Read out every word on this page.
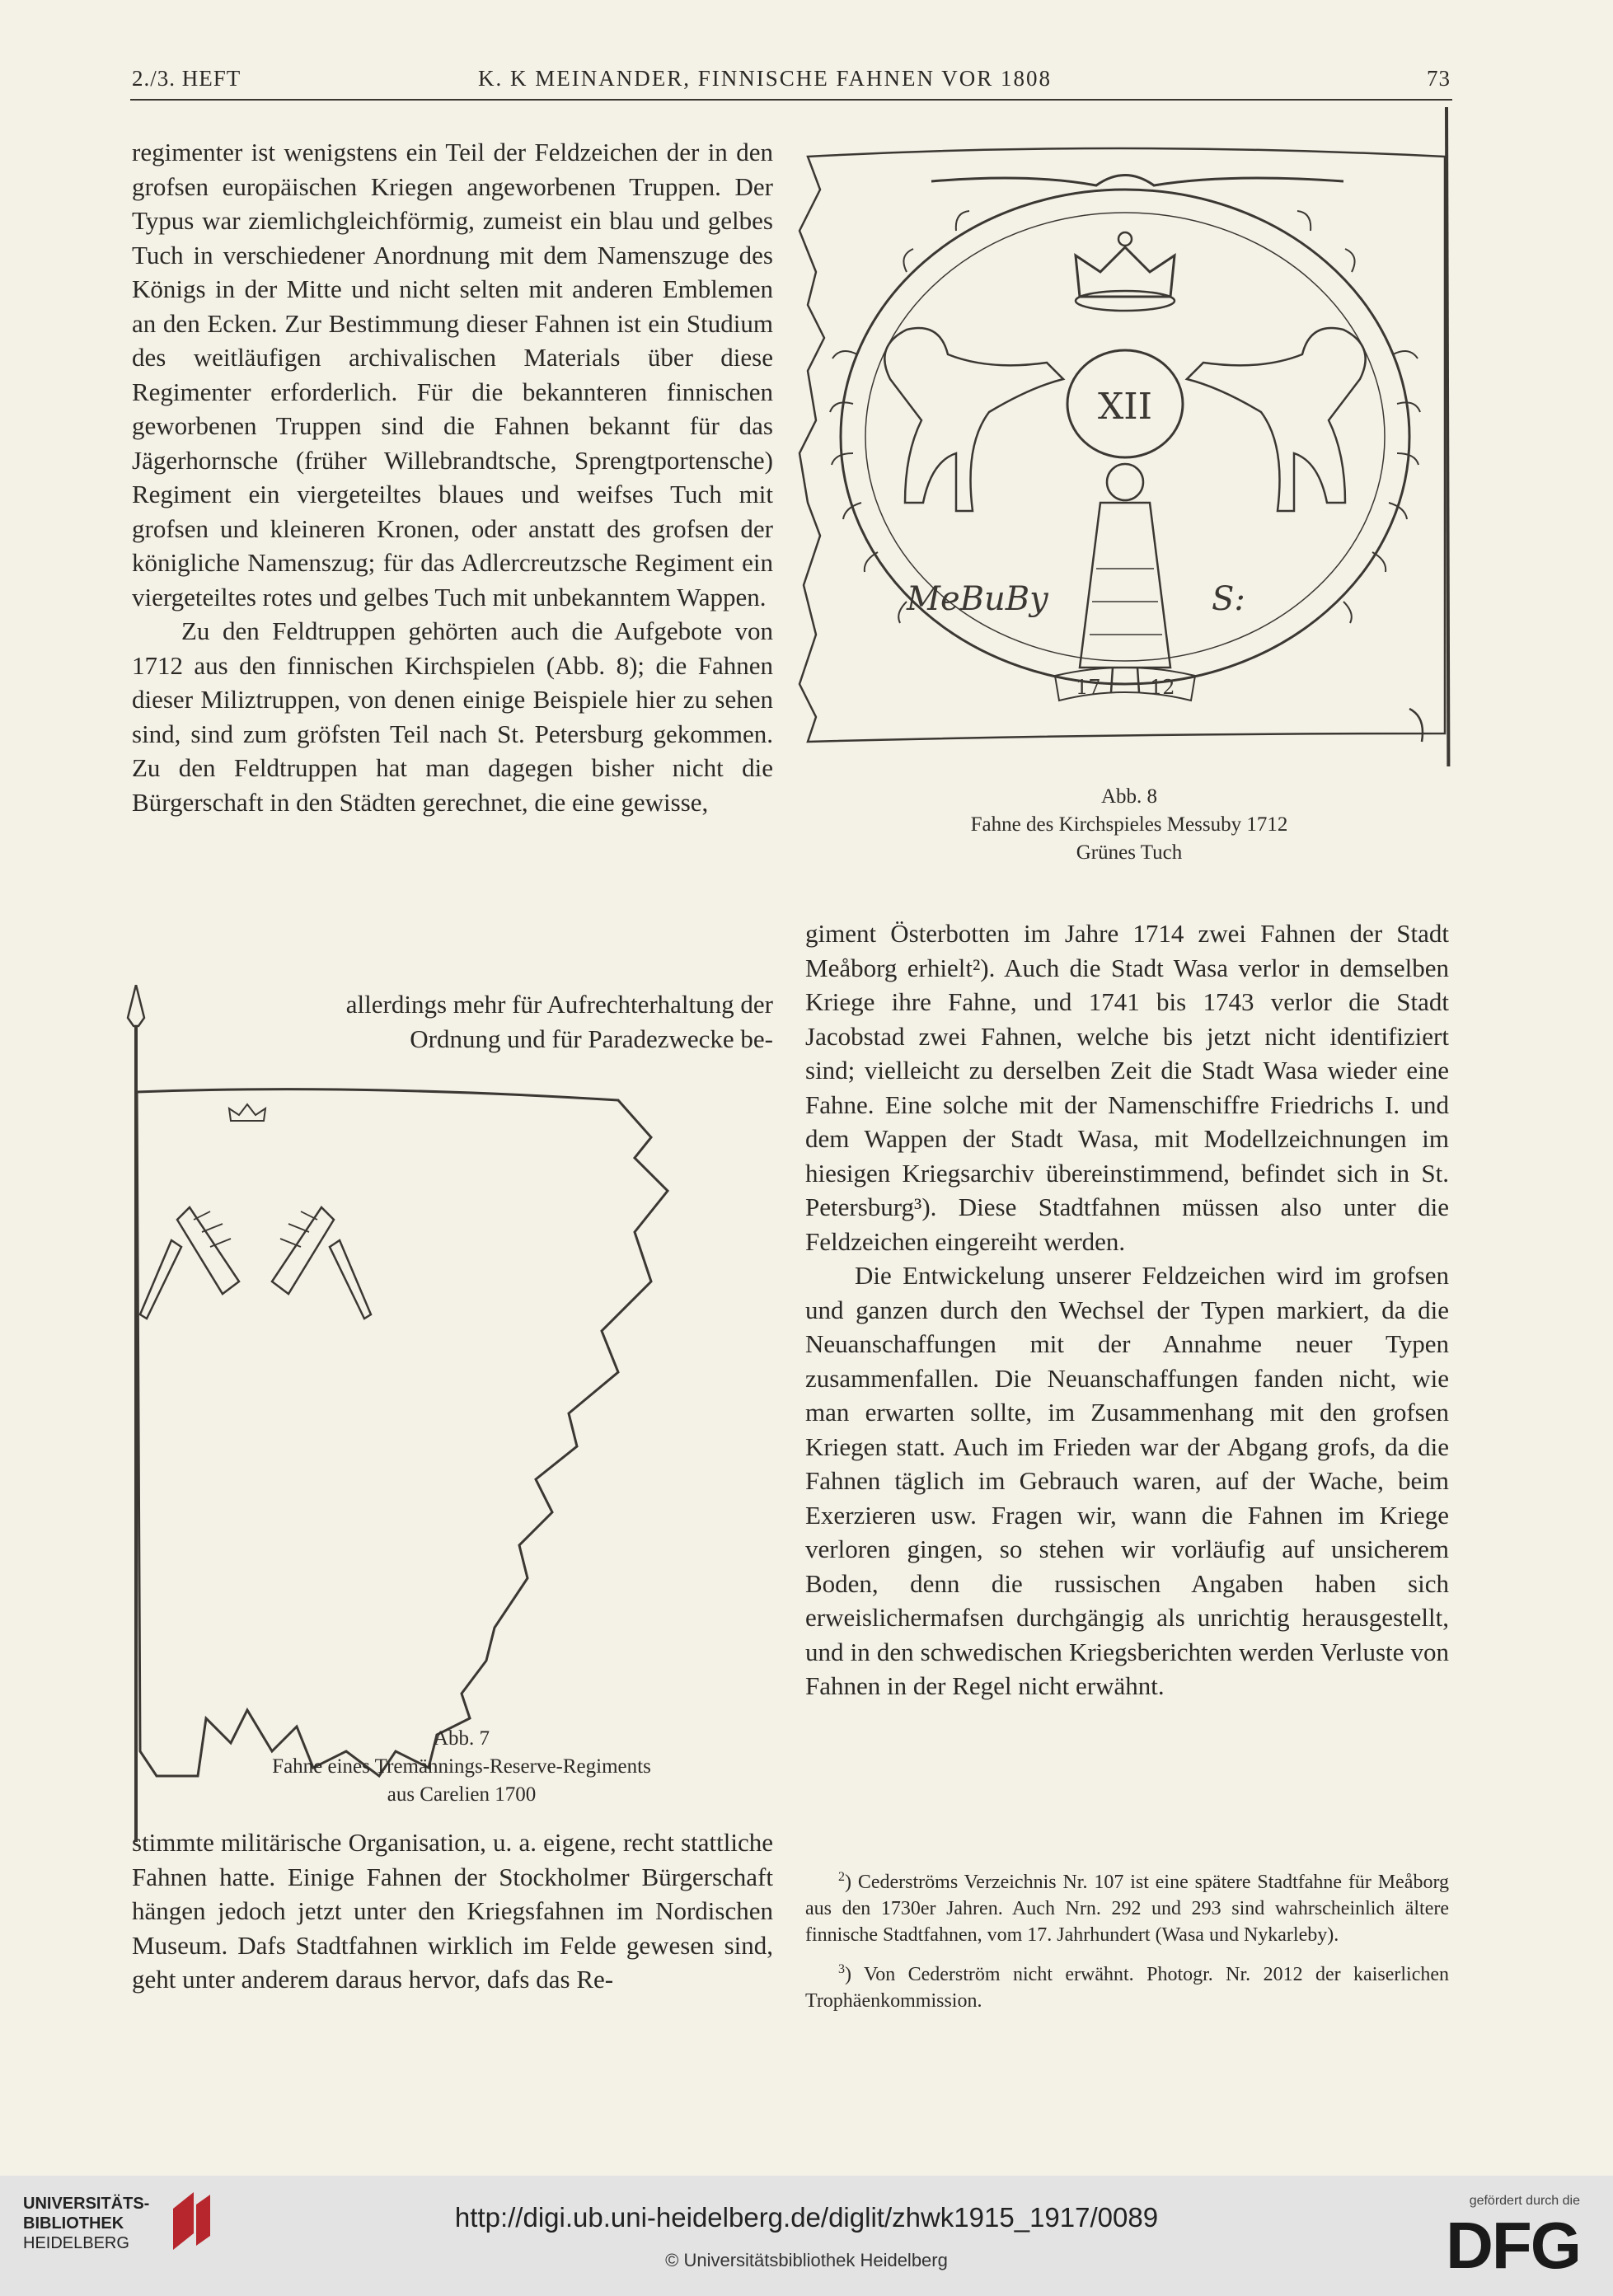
2./3. HEFT	K. K MEINANDER, FINNISCHE FAHNEN VOR 1808	73

regimenter ist wenigstens ein Teil der Feldzeichen der in den grofsen europäischen Kriegen angeworbenen Truppen. Der Typus war ziemlichgleichförmig, zumeist ein blau und gelbes Tuch in verschiedener Anordnung mit dem Namenszuge des Königs in der Mitte und nicht selten mit anderen Emblemen an den Ecken. Zur Bestimmung dieser Fahnen ist ein Studium des weitläufigen archivalischen Materials über diese Regimenter erforderlich. Für die bekannteren finnischen geworbenen Truppen sind die Fahnen bekannt für das Jägerhornsche (früher Willebrandtsche, Sprengtportensche) Regiment ein viergeteiltes blaues und weifses Tuch mit grofsen und kleineren Kronen, oder anstatt des grofsen der königliche Namenszug; für das Adlercreutzsche Regiment ein viergeteiltes rotes und gelbes Tuch mit unbekanntem Wappen.

Zu den Feldtruppen gehörten auch die Aufgebote von 1712 aus den finnischen Kirchspielen (Abb. 8); die Fahnen dieser Miliztruppen, von denen einige Beispiele hier zu sehen sind, sind zum gröfsten Teil nach St. Petersburg gekommen. Zu den Feldtruppen hat man dagegen bisher nicht die Bürgerschaft in den Städten gerechnet, die eine gewisse,

allerdings mehr für Aufrechterhaltung der
Ordnung und für Paradezwecke be-

stimmte militärische Organisation, u. a. eigene, recht stattliche Fahnen hatte. Einige Fahnen der Stockholmer Bürgerschaft hängen jedoch jetzt unter den Kriegsfahnen im Nordischen Museum. Dafs Stadtfahnen wirklich im Felde gewesen sind, geht unter anderem daraus hervor, dafs das Re-

giment Österbotten im Jahre 1714 zwei Fahnen der Stadt Meåborg erhielt²). Auch die Stadt Wasa verlor in demselben Kriege ihre Fahne, und 1741 bis 1743 verlor die Stadt Jacobstad zwei Fahnen, welche bis jetzt nicht identifiziert sind; vielleicht zu derselben Zeit die Stadt Wasa wieder eine Fahne. Eine solche mit der Namenschiffre Friedrichs I. und dem Wappen der Stadt Wasa, mit Modellzeichnungen im hiesigen Kriegsarchiv übereinstimmend, befindet sich in St. Petersburg³). Diese Stadtfahnen müssen also unter die Feldzeichen eingereiht werden.

Die Entwickelung unserer Feldzeichen wird im grofsen und ganzen durch den Wechsel der Typen markiert, da die Neuanschaffungen mit der Annahme neuer Typen zusammenfallen. Die Neuanschaffungen fanden nicht, wie man erwarten sollte, im Zusammenhang mit den grofsen Kriegen statt. Auch im Frieden war der Abgang grofs, da die Fahnen täglich im Gebrauch waren, auf der Wache, beim Exerzieren usw. Fragen wir, wann die Fahnen im Kriege verloren gingen, so stehen wir vorläufig auf unsicherem Boden, denn die russischen Angaben haben sich erweislichermafsen durchgängig als unrichtig herausgestellt, und in den schwedischen Kriegsberichten werden Verluste von Fahnen in der Regel nicht erwähnt.

XII
MeBuBy	S:
17 12
Abb. 8
Fahne des Kirchspieles Messuby 1712
Grünes Tuch
Abb. 7
Fahne eines Tremännings-Reserve-Regiments
aus Carelien 1700

$^2$) Cederströms Verzeichnis Nr. 107 ist eine spätere Stadtfahne für Meåborg aus den 1730er Jahren. Auch Nrn. 292 und 293 sind wahrscheinlich ältere finnische Stadtfahnen, vom 17. Jahrhundert (Wasa und Nykarleby).

$^3$) Von Cederström nicht erwähnt. Photogr. Nr. 2012 der kaiserlichen Trophäenkommission.

UNIVERSITÄTS-
BIBLIOTHEK
HEIDELBERG
http://digi.ub.uni-heidelberg.de/diglit/zhwk1915_1917/0089
© Universitätsbibliothek Heidelberg
gefördert durch die
DFG
